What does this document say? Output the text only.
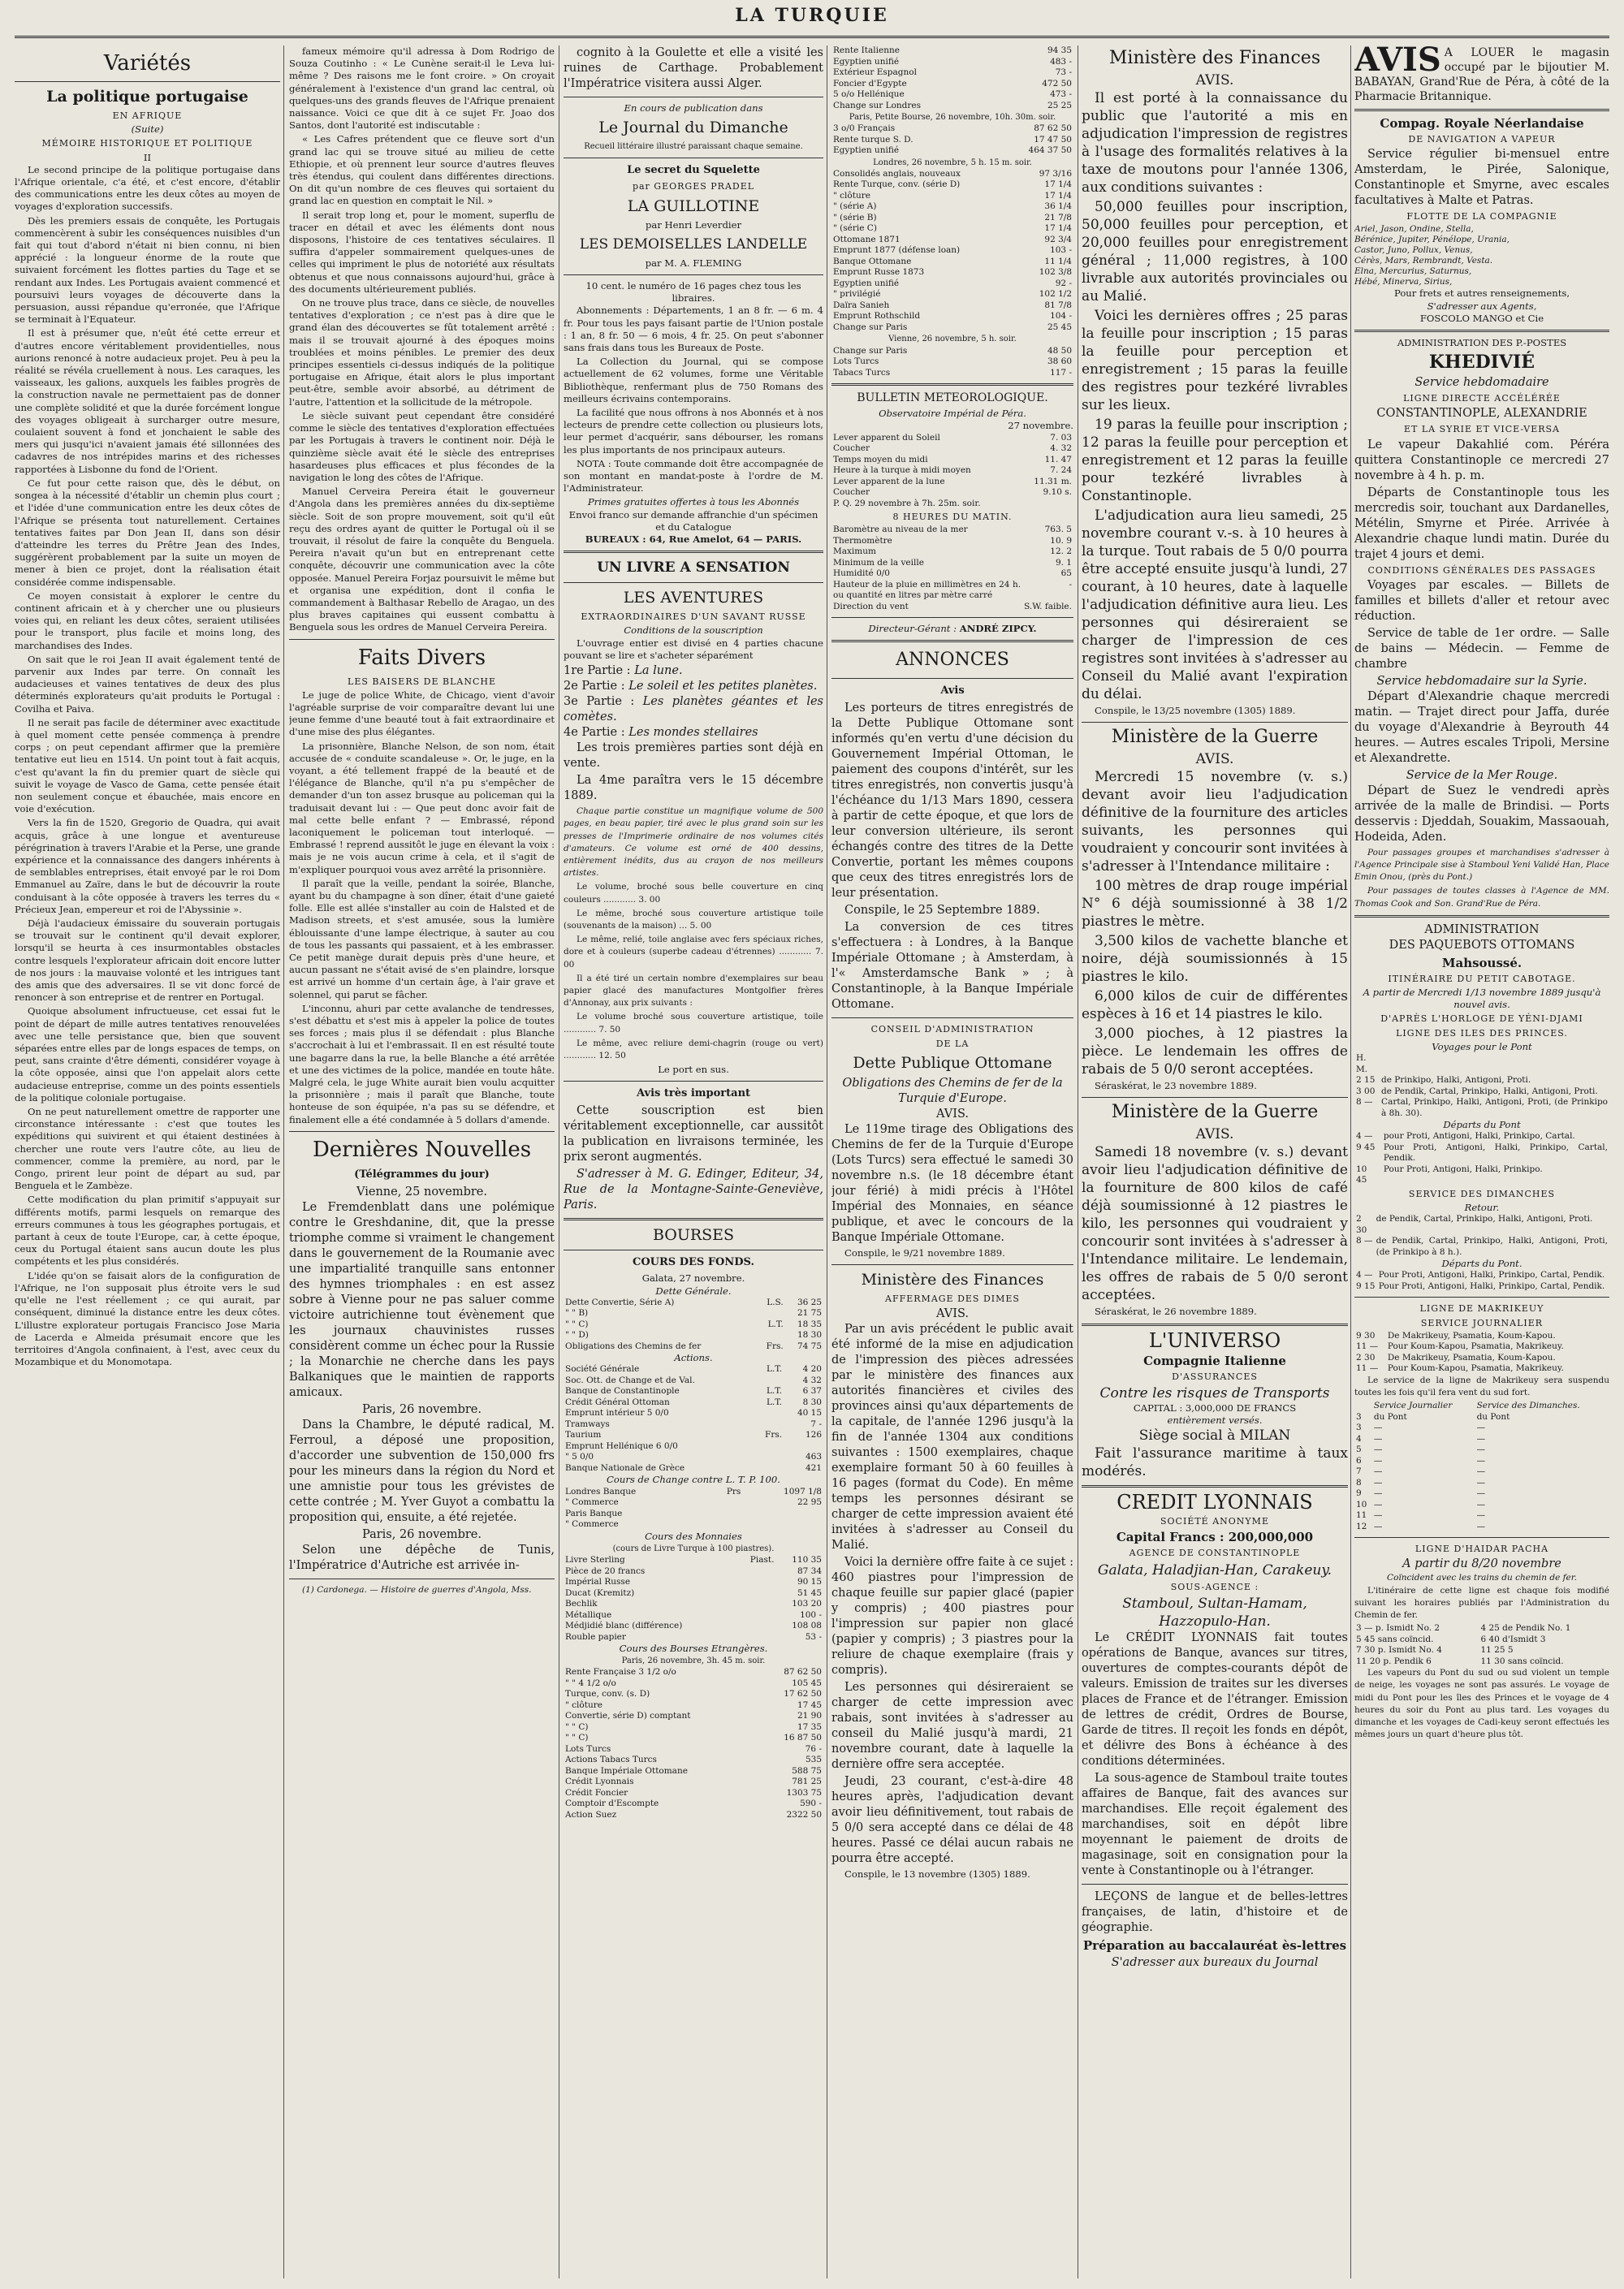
LA TURQUIE
Variétés
La politique portugaise
EN AFRIQUE
(Suite)
MÉMOIRE HISTORIQUE ET POLITIQUE
II

Le second principe de la politique portugaise dans l'Afrique orientale, c'a été, et c'est encore, d'établir des communications entre les deux côtes au moyen de voyages d'exploration successifs.

Dès les premiers essais de conquête, les Portugais commencèrent à subir les conséquences nuisibles d'un fait qui tout d'abord n'était ni bien connu, ni bien apprécié : la longueur énorme de la route que suivaient forcément les flottes parties du Tage et se rendant aux Indes. Les Portugais avaient commencé et poursuivi leurs voyages de découverte dans la persuasion, aussi répandue qu'erronée, que l'Afrique se terminait à l'Equateur.

Il est à présumer que, n'eût été cette erreur et d'autres encore véritablement providentielles, nous aurions renoncé à notre audacieux projet. Peu à peu la réalité se révéla cruellement à nous. Les caraques, les vaisseaux, les galions, auxquels les faibles progrès de la construction navale ne permettaient pas de donner une complète solidité et que la durée forcément longue des voyages obligeait à surcharger outre mesure, coulaient souvent à fond et jonchaient le sable des mers qui jusqu'ici n'avaient jamais été sillonnées des cadavres de nos intrépides marins et des richesses rapportées à Lisbonne du fond de l'Orient.

Ce fut pour cette raison que, dès le début, on songea à la nécessité d'établir un chemin plus court ; et l'idée d'une communication entre les deux côtes de l'Afrique se présenta tout naturellement. Certaines tentatives faites par Don Jean II, dans son désir d'atteindre les terres du Prêtre Jean des Indes, suggérèrent probablement par la suite un moyen de mener à bien ce projet, dont la réalisation était considérée comme indispensable.

Ce moyen consistait à explorer le centre du continent africain et à y chercher une ou plusieurs voies qui, en reliant les deux côtes, seraient utilisées pour le transport, plus facile et moins long, des marchandises des Indes.

On sait que le roi Jean II avait également tenté de parvenir aux Indes par terre. On connaît les audacieuses et vaines tentatives de deux des plus déterminés explorateurs qu'ait produits le Portugal : Covilha et Paiva.

Il ne serait pas facile de déterminer avec exactitude à quel moment cette pensée commença à prendre corps ; on peut cependant affirmer que la première tentative eut lieu en 1514. Un point tout à fait acquis, c'est qu'avant la fin du premier quart de siècle qui suivit le voyage de Vasco de Gama, cette pensée était non seulement conçue et ébauchée, mais encore en voie d'exécution.

Vers la fin de 1520, Gregorio de Quadra, qui avait acquis, grâce à une longue et aventureuse pérégrination à travers l'Arabie et la Perse, une grande expérience et la connaissance des dangers inhérents à de semblables entreprises, était envoyé par le roi Dom Emmanuel au Zaïre, dans le but de découvrir la route conduisant à la côte opposée à travers les terres du « Précieux Jean, empereur et roi de l'Abyssinie ».

Déjà l'audacieux émissaire du souverain portugais se trouvait sur le continent qu'il devait explorer, lorsqu'il se heurta à ces insurmontables obstacles contre lesquels l'explorateur africain doit encore lutter de nos jours : la mauvaise volonté et les intrigues tant des amis que des adversaires. Il se vit donc forcé de renoncer à son entreprise et de rentrer en Portugal.

Quoique absolument infructueuse, cet essai fut le point de départ de mille autres tentatives renouvelées avec une telle persistance que, bien que souvent séparées entre elles par de longs espaces de temps, on peut, sans crainte d'être démenti, considérer voyage à la côte opposée, ainsi que l'on appelait alors cette audacieuse entreprise, comme un des points essentiels de la politique coloniale portugaise.

On ne peut naturellement omettre de rapporter une circonstance intéressante : c'est que toutes les expéditions qui suivirent et qui étaient destinées à chercher une route vers l'autre côte, au lieu de commencer, comme la première, au nord, par le Congo, prirent leur point de départ au sud, par Benguela et le Zambèze.

Cette modification du plan primitif s'appuyait sur différents motifs, parmi lesquels on remarque des erreurs communes à tous les géographes portugais, et partant à ceux de toute l'Europe, car, à cette époque, ceux du Portugal étaient sans aucun doute les plus compétents et les plus considérés.

L'idée qu'on se faisait alors de la configuration de l'Afrique, ne l'on supposait plus étroite vers le sud qu'elle ne l'est réellement ; ce qui aurait, par conséquent, diminué la distance entre les deux côtes. L'illustre explorateur portugais Francisco Jose Maria de Lacerda e Almeida présumait encore que les territoires d'Angola confinaient, à l'est, avec ceux du Mozambique et du Monomotapa.

fameux mémoire qu'il adressa à Dom Rodrigo de Souza Coutinho : « Le Cunène serait-il le Leva lui-même ? Des raisons me le font croire. » On croyait généralement à l'existence d'un grand lac central, où quelques-uns des grands fleuves de l'Afrique prenaient naissance. Voici ce que dit à ce sujet Fr. Joao dos Santos, dont l'autorité est indiscutable :

« Les Cafres prétendent que ce fleuve sort d'un grand lac qui se trouve situé au milieu de cette Ethiopie, et où prennent leur source d'autres fleuves très étendus, qui coulent dans différentes directions. On dit qu'un nombre de ces fleuves qui sortaient du grand lac en question en comptait le Nil. »

Il serait trop long et, pour le moment, superflu de tracer en détail et avec les éléments dont nous disposons, l'histoire de ces tentatives séculaires. Il suffira d'appeler sommairement quelques-unes de celles qui impriment le plus de notoriété aux résultats obtenus et que nous connaissons aujourd'hui, grâce à des documents ultérieurement publiés.

On ne trouve plus trace, dans ce siècle, de nouvelles tentatives d'exploration ; ce n'est pas à dire que le grand élan des découvertes se fût totalement arrêté : mais il se trouvait ajourné à des époques moins troublées et moins pénibles. Le premier des deux principes essentiels ci-dessus indiqués de la politique portugaise en Afrique, était alors le plus important peut-être, semble avoir absorbé, au détriment de l'autre, l'attention et la sollicitude de la métropole.

Le siècle suivant peut cependant être considéré comme le siècle des tentatives d'exploration effectuées par les Portugais à travers le continent noir. Déjà le quinzième siècle avait été le siècle des entreprises hasardeuses plus efficaces et plus fécondes de la navigation le long des côtes de l'Afrique.

Manuel Cerveira Pereira était le gouverneur d'Angola dans les premières années du dix-septième siècle. Soit de son propre mouvement, soit qu'il eût reçu des ordres ayant de quitter le Portugal où il se trouvait, il résolut de faire la conquête du Benguela. Pereira n'avait qu'un but en entreprenant cette conquête, découvrir une communication avec la côte opposée. Manuel Pereira Forjaz poursuivit le même but et organisa une expédition, dont il confia le commandement à Balthasar Rebello de Aragao, un des plus braves capitaines qui eussent combattu à Benguela sous les ordres de Manuel Cerveira Pereira.

Faits Divers
LES BAISERS DE BLANCHE

Le juge de police White, de Chicago, vient d'avoir l'agréable surprise de voir comparaître devant lui une jeune femme d'une beauté tout à fait extraordinaire et d'une mise des plus élégantes.

La prisonnière, Blanche Nelson, de son nom, était accusée de « conduite scandaleuse ». Or, le juge, en la voyant, a été tellement frappé de la beauté et de l'élégance de Blanche, qu'il n'a pu s'empêcher de demander d'un ton assez brusque au policeman qui la traduisait devant lui : — Que peut donc avoir fait de mal cette belle enfant ? — Embrassé, répond laconiquement le policeman tout interloqué. — Embrassé ! reprend aussitôt le juge en élevant la voix : mais je ne vois aucun crime à cela, et il s'agit de m'expliquer pourquoi vous avez arrêté la prisonnière.

Il paraît que la veille, pendant la soirée, Blanche, ayant bu du champagne à son dîner, était d'une gaieté folle. Elle est allée s'installer au coin de Halsted et de Madison streets, et s'est amusée, sous la lumière éblouissante d'une lampe électrique, à sauter au cou de tous les passants qui passaient, et à les embrasser. Ce petit manège durait depuis près d'une heure, et aucun passant ne s'était avisé de s'en plaindre, lorsque est arrivé un homme d'un certain âge, à l'air grave et solennel, qui parut se fâcher.

L'inconnu, ahuri par cette avalanche de tendresses, s'est débattu et s'est mis à appeler la police de toutes ses forces ; mais plus il se défendait : plus Blanche s'accrochait à lui et l'embrassait. Il en est résulté toute une bagarre dans la rue, la belle Blanche a été arrêtée et une des victimes de la police, mandée en toute hâte. Malgré cela, le juge White aurait bien voulu acquitter la prisonnière ; mais il paraît que Blanche, toute honteuse de son équipée, n'a pas su se défendre, et finalement elle a été condamnée à 5 dollars d'amende.

Dernières Nouvelles
(Télégrammes du jour)
Vienne, 25 novembre.

Le Fremdenblatt dans une polémique contre le Greshdanine, dit, que la presse triomphe comme si vraiment le changement dans le gouvernement de la Roumanie avec une impartialité tranquille sans entonner des hymnes triomphales : en est assez sobre à Vienne pour ne pas saluer comme victoire autrichienne tout évènement que les journaux chauvinistes russes considèrent comme un échec pour la Russie ; la Monarchie ne cherche dans les pays Balkaniques que le maintien de rapports amicaux.

Paris, 26 novembre.

Dans la Chambre, le député radical, M. Ferroul, a déposé une proposition, d'accorder une subvention de 150,000 frs pour les mineurs dans la région du Nord et une amnistie pour tous les grévistes de cette contrée ; M. Yver Guyot a combattu la proposition qui, ensuite, a été rejetée.

Paris, 26 novembre.

Selon une dépêche de Tunis, l'Impératrice d'Autriche est arrivée in-

(1) Cardonega. — Histoire de guerres d'Angola, Mss.

cognito à la Goulette et elle a visité les ruines de Carthage. Probablement l'Impératrice visitera aussi Alger.

En cours de publication dans
Le Journal du Dimanche
Recueil littéraire illustré paraissant chaque semaine.
Le secret du Squelette
par GEORGES PRADEL
LA GUILLOTINE
par Henri Leverdier
LES DEMOISELLES LANDELLE
par M. A. FLEMING
10 cent. le numéro de 16 pages chez tous les libraires.

Abonnements : Départements, 1 an 8 fr. — 6 m. 4 fr. Pour tous les pays faisant partie de l'Union postale : 1 an, 8 fr. 50 — 6 mois, 4 fr. 25. On peut s'abonner sans frais dans tous les Bureaux de Poste.

La Collection du Journal, qui se compose actuellement de 62 volumes, forme une Véritable Bibliothèque, renfermant plus de 750 Romans des meilleurs écrivains contemporains.

La facilité que nous offrons à nos Abonnés et à nos lecteurs de prendre cette collection ou plusieurs lots, leur permet d'acquérir, sans débourser, les romans les plus importants de nos principaux auteurs.

NOTA : Toute commande doit être accompagnée de son montant en mandat-poste à l'ordre de M. l'Administrateur.

Primes gratuites offertes à tous les Abonnés
Envoi franco sur demande affranchie d'un spécimen et du Catalogue
BUREAUX : 64, Rue Amelot, 64 — PARIS.
UN LIVRE A SENSATION
LES AVENTURES
EXTRAORDINAIRES D'UN SAVANT RUSSE
Conditions de la souscription

L'ouvrage entier est divisé en 4 parties chacune pouvant se lire et s'acheter séparément

1re Partie : La lune.
2e Partie : Le soleil et les petites planètes.
3e Partie : Les planètes géantes et les comètes.
4e Partie : Les mondes stellaires

Les trois premières parties sont déjà en vente.

La 4me paraîtra vers le 15 décembre 1889.

Chaque partie constitue un magnifique volume de 500 pages, en beau papier, tiré avec le plus grand soin sur les presses de l'Imprimerie ordinaire de nos volumes cités d'amateurs. Ce volume est orné de 400 dessins, entièrement inédits, dus au crayon de nos meilleurs artistes.

Le volume, broché sous belle couverture en cinq couleurs ............ 3. 00

Le même, broché sous couverture artistique toile (souvenants de la maison) ... 5. 00

Le même, relié, toile anglaise avec fers spéciaux riches, dore et à couleurs (superbe cadeau d'étrennes) ............ 7. 00

Il a été tiré un certain nombre d'exemplaires sur beau papier glacé des manufactures Montgolfier frères d'Annonay, aux prix suivants :

Le volume broché sous couverture artistique, toile ............ 7. 50

Le même, avec reliure demi-chagrin (rouge ou vert) ............ 12. 50

Le port en sus.
Avis très important

Cette souscription est bien véritablement exceptionnelle, car aussitôt la publication en livraisons terminée, les prix seront augmentés.

S'adresser à M. G. Edinger, Editeur, 34, Rue de la Montagne-Sainte-Geneviève, Paris.

BOURSES
COURS DES FONDS.
Galata, 27 novembre.
Dette Générale.
Dette Convertie, Série A)	L.S.	36 25
" " B)		21 75
" " C)	L.T.	18 35
" " D)		18 30
Obligations des Chemins de fer	Frs.	74 75
Actions.
Société Générale	L.T.	4 20
Soc. Ott. de Change et de Val.		4 32
Banque de Constantinople	L.T.	6 37
Crédit Général Ottoman	L.T.	8 30
Emprunt intérieur 5 0/0		40 15
Tramways		7 -
Taurium	Frs.	126
Emprunt Hellénique 6 0/0		
" 5 0/0		463
Banque Nationale de Grèce		421
Cours de Change contre L. T. P. 100.
Londres Banque	Prs	1097 1/8
" Commerce		22 95
Paris Banque		
" Commerce		
Cours des Monnaies
(cours de Livre Turque à 100 piastres).
Livre Sterling	Piast.	110 35
Pièce de 20 francs		87 34
Impérial Russe		90 15
Ducat (Kremitz)		51 45
Bechlik		103 20
Métallique		100 -
Médjidié blanc (différence)		108 08
Rouble papier		53 -
Cours des Bourses Etrangères.
Paris, 26 novembre, 3h. 45 m. soir.
Rente Française 3 1/2 o/o	87 62 50
" " 4 1/2 o/o	105 45
Turque, conv. (s. D)	17 62 50
" clôture	17 45
Convertie, série D) comptant	21 90
" " C)	17 35
" " C)	16 87 50
Lots Turcs	76 -
Actions Tabacs Turcs	535
Banque Impériale Ottomane	588 75
Crédit Lyonnais	781 25
Crédit Foncier	1303 75
Comptoir d'Escompte	590 -
Action Suez	2322 50
Rente Italienne	94 35
Egyptien unifié	483 -
Extérieur Espagnol	73 -
Foncier d'Egypte	472 50
5 o/o Hellénique	473 -
Change sur Londres	25 25
Paris, Petite Bourse, 26 novembre, 10h. 30m. soir.
3 o/0 Français	87 62 50
Rente turque S. D.	17 47 50
Egyptien unifié	464 37 50
Londres, 26 novembre, 5 h. 15 m. soir.
Consolidés anglais, nouveaux	97 3/16
Rente Turque, conv. (série D)	17 1/4
" clôture	17 1/4
" (série A)	36 1/4
" (série B)	21 7/8
" (série C)	17 1/4
Ottomane 1871	92 3/4
Emprunt 1877 (défense loan)	103 -
Banque Ottomane	11 1/4
Emprunt Russe 1873	102 3/8
Egyptien unifié	92 -
" privilégié	102 1/2
Daïra Sanieh	81 7/8
Emprunt Rothschild	104 -
Change sur Paris	25 45
Vienne, 26 novembre, 5 h. soir.
Change sur Paris	48 50
Lots Turcs	38 60
Tabacs Turcs	117 -
BULLETIN METEOROLOGIQUE.
Observatoire Impérial de Péra.
27 novembre.
Lever apparent du Soleil	7. 03
Coucher	4. 32
Temps moyen du midi	11. 47
Heure à la turque à midi moyen	7. 24
Lever apparent de la lune	11.31 m.
Coucher	9.10 s.
P. Q. 29 novembre à 7h. 25m. soir.	
8 HEURES DU MATIN.
Baromètre au niveau de la mer	763. 5
Thermomètre	10. 9
Maximum	12. 2
Minimum de la veille	9. 1
Humidité 0/0	65
Hauteur de la pluie en millimètres en 24 h. ou quantité en litres par mètre carré	-
Direction du vent	S.W. faible.
Directeur-Gérant : ANDRÉ ZIPCY.
ANNONCES
Avis

Les porteurs de titres enregistrés de la Dette Publique Ottomane sont informés qu'en vertu d'une décision du Gouvernement Impérial Ottoman, le paiement des coupons d'intérêt, sur les titres enregistrés, non convertis jusqu'à l'échéance du 1/13 Mars 1890, cessera à partir de cette époque, et que lors de leur conversion ultérieure, ils seront échangés contre des titres de la Dette Convertie, portant les mêmes coupons que ceux des titres enregistrés lors de leur présentation.

Conspile, le 25 Septembre 1889.

La conversion de ces titres s'effectuera : à Londres, à la Banque Impériale Ottomane ; à Amsterdam, à l'« Amsterdamsche Bank » ; à Constantinople, à la Banque Impériale Ottomane.

CONSEIL D'ADMINISTRATION
DE LA
Dette Publique Ottomane
Obligations des Chemins de fer de la Turquie d'Europe.
AVIS.

Le 119me tirage des Obligations des Chemins de fer de la Turquie d'Europe (Lots Turcs) sera effectué le samedi 30 novembre n.s. (le 18 décembre étant jour férié) à midi précis à l'Hôtel Impérial des Monnaies, en séance publique, et avec le concours de la Banque Impériale Ottomane.

Conspile, le 9/21 novembre 1889.

Ministère des Finances
AFFERMAGE DES DIMES
AVIS.

Par un avis précédent le public avait été informé de la mise en adjudication de l'impression des pièces adressées par le ministère des finances aux autorités financières et civiles des provinces ainsi qu'aux départements de la capitale, de l'année 1296 jusqu'à la fin de l'année 1304 aux conditions suivantes : 1500 exemplaires, chaque exemplaire formant 50 à 60 feuilles à 16 pages (format du Code). En même temps les personnes désirant se charger de cette impression avaient été invitées à s'adresser au Conseil du Malié.

Voici la dernière offre faite à ce sujet : 460 piastres pour l'impression de chaque feuille sur papier glacé (papier y compris) ; 400 piastres pour l'impression sur papier non glacé (papier y compris) ; 3 piastres pour la reliure de chaque exemplaire (frais y compris).

Les personnes qui désireraient se charger de cette impression avec rabais, sont invitées à s'adresser au conseil du Malié jusqu'à mardi, 21 novembre courant, date à laquelle la dernière offre sera acceptée.

Jeudi, 23 courant, c'est-à-dire 48 heures après, l'adjudication devant avoir lieu définitivement, tout rabais de 5 0/0 sera accepté dans ce délai de 48 heures. Passé ce délai aucun rabais ne pourra être accepté.

Conspile, le 13 novembre (1305) 1889.

Ministère des Finances
AVIS.

Il est porté à la connaissance du public que l'autorité a mis en adjudication l'impression de registres à l'usage des formalités relatives à la taxe de moutons pour l'année 1306, aux conditions suivantes :

50,000 feuilles pour inscription, 50,000 feuilles pour perception, et 20,000 feuilles pour enregistrement général ; 11,000 registres, à 100 livrable aux autorités provinciales ou au Malié.

Voici les dernières offres ; 25 paras la feuille pour inscription ; 15 paras la feuille pour perception et enregistrement ; 15 paras la feuille des registres pour tezkéré livrables sur les lieux.

19 paras la feuille pour inscription ; 12 paras la feuille pour perception et enregistrement et 12 paras la feuille pour tezkéré livrables à Constantinople.

L'adjudication aura lieu samedi, 25 novembre courant v.-s. à 10 heures à la turque. Tout rabais de 5 0/0 pourra être accepté ensuite jusqu'à lundi, 27 courant, à 10 heures, date à laquelle l'adjudication définitive aura lieu. Les personnes qui désireraient se charger de l'impression de ces registres sont invitées à s'adresser au Conseil du Malié avant l'expiration du délai.

Conspile, le 13/25 novembre (1305) 1889.

Ministère de la Guerre
AVIS.

Mercredi 15 novembre (v. s.) devant avoir lieu l'adjudication définitive de la fourniture des articles suivants, les personnes qui voudraient y concourir sont invitées à s'adresser à l'Intendance militaire :

100 mètres de drap rouge impérial N° 6 déjà soumissionné à 38 1/2 piastres le mètre.

3,500 kilos de vachette blanche et noire, déjà soumissionnés à 15 piastres le kilo.

6,000 kilos de cuir de différentes espèces à 16 et 14 piastres le kilo.

3,000 pioches, à 12 piastres la pièce. Le lendemain les offres de rabais de 5 0/0 seront acceptées.

Séraskérat, le 23 novembre 1889.

Ministère de la Guerre
AVIS.

Samedi 18 novembre (v. s.) devant avoir lieu l'adjudication définitive de la fourniture de 800 kilos de café déjà soumissionné à 12 piastres le kilo, les personnes qui voudraient y concourir sont invitées à s'adresser à l'Intendance militaire. Le lendemain, les offres de rabais de 5 0/0 seront acceptées.

Séraskérat, le 26 novembre 1889.

L'UNIVERSO
Compagnie Italienne
D'ASSURANCES
Contre les risques de Transports
CAPITAL : 3,000,000 DE FRANCS
entièrement versés.
Siège social à MILAN

Fait l'assurance maritime à taux modérés.

CREDIT LYONNAIS
SOCIÉTÉ ANONYME
Capital Francs : 200,000,000
AGENCE DE CONSTANTINOPLE
Galata, Haladjian-Han, Carakeuy.
SOUS-AGENCE :
Stamboul, Sultan-Hamam, Hazzopulo-Han.

Le CRÉDIT LYONNAIS fait toutes opérations de Banque, avances sur titres, ouvertures de comptes-courants dépôt de valeurs. Emission de traites sur les diverses places de France et de l'étranger. Emission de lettres de crédit, Ordres de Bourse, Garde de titres. Il reçoit les fonds en dépôt, et délivre des Bons à échéance à des conditions déterminées.

La sous-agence de Stamboul traite toutes affaires de Banque, fait des avances sur marchandises. Elle reçoit également des marchandises, soit en dépôt libre moyennant le paiement de droits de magasinage, soit en consignation pour la vente à Constantinople ou à l'étranger.

LEÇONS de langue et de belles-lettres françaises, de latin, d'histoire et de géographie.

Préparation au baccalauréat ès-lettres
S'adresser aux bureaux du Journal
AVIS A LOUER le magasin occupé par le bijoutier M. BABAYAN, Grand'Rue de Péra, à côté de la Pharmacie Britannique.
Compag. Royale Néerlandaise
DE NAVIGATION A VAPEUR

Service régulier bi-mensuel entre Amsterdam, le Pirée, Salonique, Constantinople et Smyrne, avec escales facultatives à Malte et Patras.

FLOTTE DE LA COMPAGNIE
Ariel, Jason, Ondine, Stella,
Bérénice, Jupiter, Pénélope, Urania,
Castor, Juno, Pollux, Venus,
Cérès, Mars, Rembrandt, Vesta.
Elna, Mercurius, Saturnus,
Hébé, Minerva, Sirius,
Pour frets et autres renseignements,
S'adresser aux Agents,
FOSCOLO MANGO et Cie
ADMINISTRATION DES P.-POSTES
KHEDIVIÉ
Service hebdomadaire
LIGNE DIRECTE ACCÉLÉRÉE
CONSTANTINOPLE, ALEXANDRIE
ET LA SYRIE ET VICE-VERSA

Le vapeur Dakahlié com. Péréra quittera Constantinople ce mercredi 27 novembre à 4 h. p. m.

Départs de Constantinople tous les mercredis soir, touchant aux Dardanelles, Métélin, Smyrne et Pirée. Arrivée à Alexandrie chaque lundi matin. Durée du trajet 4 jours et demi.

CONDITIONS GÉNÉRALES DES PASSAGES

Voyages par escales. — Billets de familles et billets d'aller et retour avec réduction.

Service de table de 1er ordre. — Salle de bains — Médecin. — Femme de chambre

Service hebdomadaire sur la Syrie.

Départ d'Alexandrie chaque mercredi matin. — Trajet direct pour Jaffa, durée du voyage d'Alexandrie à Beyrouth 44 heures. — Autres escales Tripoli, Mersine et Alexandrette.

Service de la Mer Rouge.

Départ de Suez le vendredi après arrivée de la malle de Brindisi. — Ports desservis : Djeddah, Souakim, Massaouah, Hodeida, Aden.

Pour passages groupes et marchandises s'adresser à l'Agence Principale sise à Stamboul Yeni Validé Han, Place Emin Onou, (près du Pont.)

Pour passages de toutes classes à l'Agence de MM. Thomas Cook and Son. Grand'Rue de Péra.

ADMINISTRATION
DES PAQUEBOTS OTTOMANS
Mahsoussé.
ITINÉRAIRE DU PETIT CABOTAGE.
A partir de Mercredi 1/13 novembre 1889 jusqu'à nouvel avis.
D'APRÈS L'HORLOGE DE YÉNI-DJAMI
LIGNE DES ILES DES PRINCES.
Voyages pour le Pont
H. M.	
2 15	de Prinkipo, Halki, Antigoni, Proti.
3 00	de Pendik, Cartal, Prinkipo, Halki, Antigoni, Proti.
8 —	Cartal, Prinkipo, Halki, Antigoni, Proti, (de Prinkipo à 8h. 30).
Départs du Pont
4 —	pour Proti, Antigoni, Halki, Prinkipo, Cartal.
9 45	Pour Proti, Antigoni, Halki, Prinkipo, Cartal, Pendik.
10 45	Pour Proti, Antigoni, Halki, Prinkipo.
SERVICE DES DIMANCHES
Retour.
2 30	de Pendik, Cartal, Prinkipo, Halki, Antigoni, Proti.
8 —	de Pendik, Cartal, Prinkipo, Halki, Antigoni, Proti, (de Prinkipo à 8 h.).
Départs du Pont.
4 —	Pour Proti, Antigoni, Halki, Prinkipo, Cartal, Pendik.
9 15	Pour Proti, Antigoni, Halki, Prinkipo, Cartal, Pendik.
LIGNE DE MAKRIKEUY
SERVICE JOURNALIER
9 30	De Makrikeuy, Psamatia, Koum-Kapou.
11 —	Pour Koum-Kapou, Psamatia, Makrikeuy.
2 30	De Makrikeuy, Psamatia, Koum-Kapou.
11 —	Pour Koum-Kapou, Psamatia, Makrikeuy.

Le service de la ligne de Makrikeuy sera suspendu toutes les fois qu'il fera vent du sud fort.

	Service Journalier	Service des Dimanches.
3	du Pont	du Pont
3	—	—
4	—	—
5	—	—
6	—	—
7	—	—
8	—	—
9	—	—
10	—	—
11	—	—
12	—	—
LIGNE D'HAIDAR PACHA
A partir du 8/20 novembre
Coïncident avec les trains du chemin de fer.

L'itinéraire de cette ligne est chaque fois modifié suivant les horaires publiés par l'Administration du Chemin de fer.

3 — p. Ismidt No. 2	4 25 de Pendik No. 1
5 45 sans coïncid.	6 40 d'Ismidt 3
7 30 p. Ismidt No. 4	11 25 5
11 20 p. Pendik 6	11 30 sans coïncid.

Les vapeurs du Pont du sud ou sud violent un temple de neige, les voyages ne sont pas assurés. Le voyage de midi du Pont pour les îles des Princes et le voyage de 4 heures du soir du Pont au plus tard. Les voyages du dimanche et les voyages de Cadi-keuy seront effectués les mêmes jours un quart d'heure plus tôt.
